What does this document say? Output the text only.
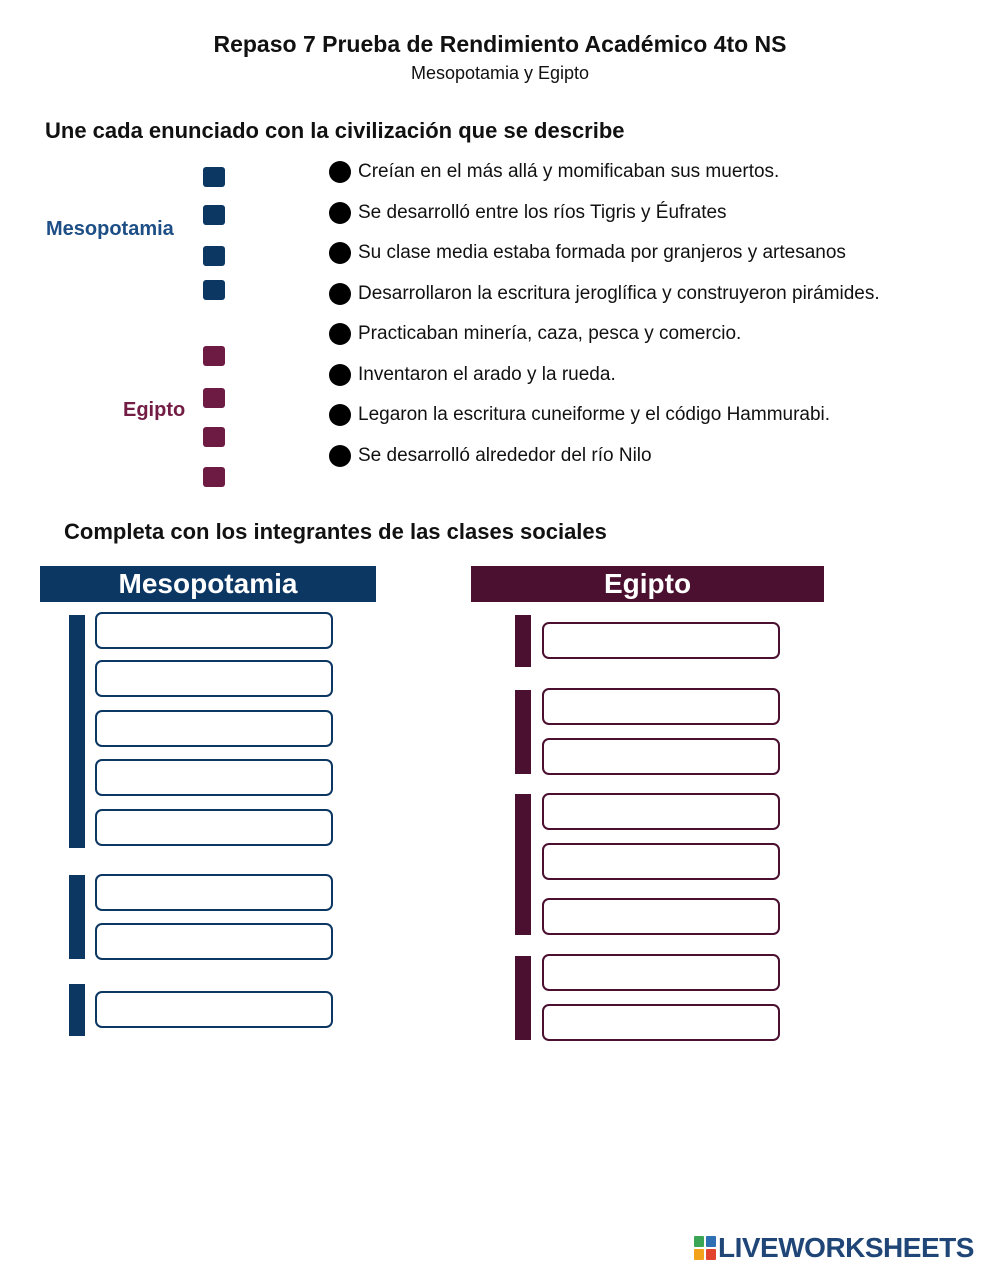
Repaso 7 Prueba de Rendimiento Académico 4to NS
Mesopotamia y Egipto
Une cada enunciado con la civilización que se describe
Mesopotamia
Egipto
Creían en el más allá y momificaban sus muertos.
Se desarrolló entre los ríos Tigris y Éufrates
Su clase media estaba formada por granjeros y artesanos
Desarrollaron la escritura jeroglífica y construyeron pirámides.
Practicaban minería, caza, pesca y comercio.
Inventaron el arado y la rueda.
Legaron la escritura cuneiforme y el código Hammurabi.
Se desarrolló alrededor del río Nilo
Completa con los integrantes de las clases sociales
Mesopotamia	Egipto
LIVEWORKSHEETS
